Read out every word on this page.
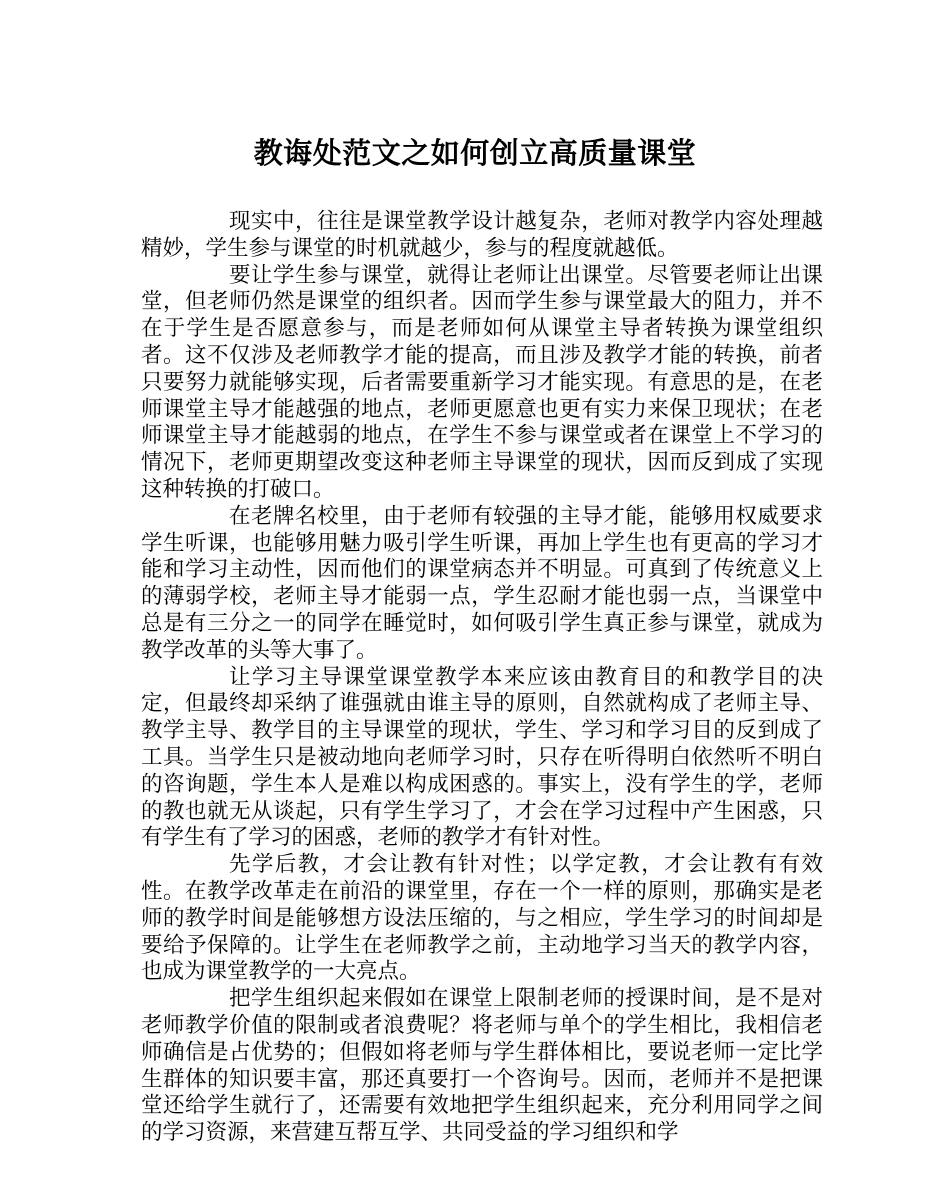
教诲处范文之如何创立高质量课堂

现实中，往往是课堂教学设计越复杂，老师对教学内容处理越精妙，学生参与课堂的时机就越少，参与的程度就越低。

要让学生参与课堂，就得让老师让出课堂。尽管要老师让出课堂，但老师仍然是课堂的组织者。因而学生参与课堂最大的阻力，并不在于学生是否愿意参与，而是老师如何从课堂主导者转换为课堂组织者。这不仅涉及老师教学才能的提高，而且涉及教学才能的转换，前者只要努力就能够实现，后者需要重新学习才能实现。有意思的是，在老师课堂主导才能越强的地点，老师更愿意也更有实力来保卫现状；在老师课堂主导才能越弱的地点，在学生不参与课堂或者在课堂上不学习的情况下，老师更期望改变这种老师主导课堂的现状，因而反到成了实现这种转换的打破口。

在老牌名校里，由于老师有较强的主导才能，能够用权威要求学生听课，也能够用魅力吸引学生听课，再加上学生也有更高的学习才能和学习主动性，因而他们的课堂病态并不明显。可真到了传统意义上的薄弱学校，老师主导才能弱一点，学生忍耐才能也弱一点，当课堂中总是有三分之一的同学在睡觉时，如何吸引学生真正参与课堂，就成为教学改革的头等大事了。

让学习主导课堂课堂教学本来应该由教育目的和教学目的决定，但最终却采纳了谁强就由谁主导的原则，自然就构成了老师主导、教学主导、教学目的主导课堂的现状，学生、学习和学习目的反到成了工具。当学生只是被动地向老师学习时，只存在听得明白依然听不明白的咨询题，学生本人是难以构成困惑的。事实上，没有学生的学，老师的教也就无从谈起，只有学生学习了，才会在学习过程中产生困惑，只有学生有了学习的困惑，老师的教学才有针对性。

先学后教，才会让教有针对性；以学定教，才会让教有有效性。在教学改革走在前沿的课堂里，存在一个一样的原则，那确实是老师的教学时间是能够想方设法压缩的，与之相应，学生学习的时间却是要给予保障的。让学生在老师教学之前，主动地学习当天的教学内容，也成为课堂教学的一大亮点。

把学生组织起来假如在课堂上限制老师的授课时间，是不是对老师教学价值的限制或者浪费呢？将老师与单个的学生相比，我相信老师确信是占优势的；但假如将老师与学生群体相比，要说老师一定比学生群体的知识要丰富，那还真要打一个咨询号。因而，老师并不是把课堂还给学生就行了，还需要有效地把学生组织起来，充分利用同学之间的学习资源，来营建互帮互学、共同受益的学习组织和学
